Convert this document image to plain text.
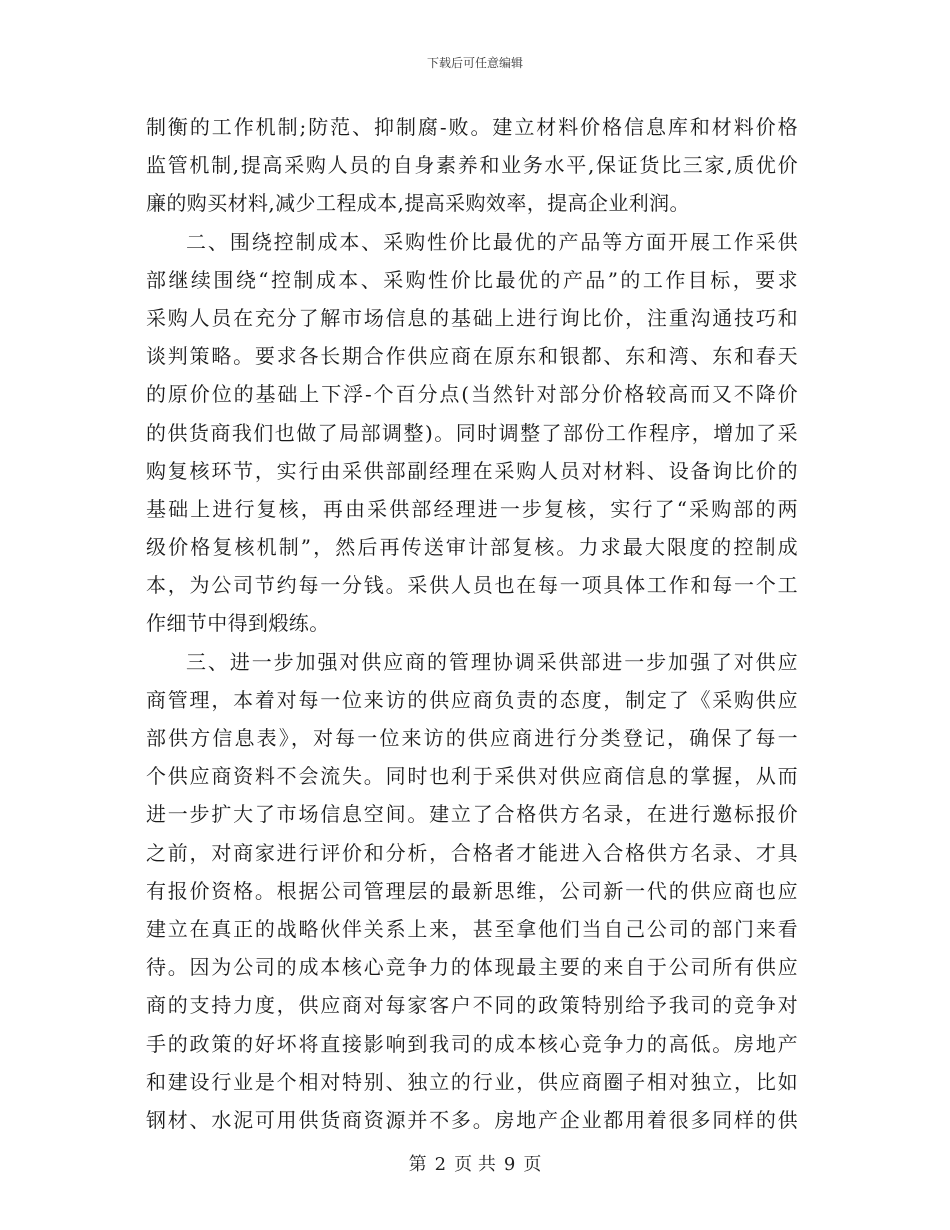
下载后可任意编辑
制衡的工作机制;防范、抑制腐-败。建立材料价格信息库和材料价格
监管机制,提高采购人员的自身素养和业务水平,保证货比三家,质优价
廉的购买材料,减少工程成本,提高采购效率，提高企业利润。
二、围绕控制成本、采购性价比最优的产品等方面开展工作采供
部继续围绕“控制成本、采购性价比最优的产品”的工作目标，要求
采购人员在充分了解市场信息的基础上进行询比价，注重沟通技巧和
谈判策略。要求各长期合作供应商在原东和银都、东和湾、东和春天
的原价位的基础上下浮-个百分点(当然针对部分价格较高而又不降价
的供货商我们也做了局部调整)。同时调整了部份工作程序，增加了采
购复核环节，实行由采供部副经理在采购人员对材料、设备询比价的
基础上进行复核，再由采供部经理进一步复核，实行了“采购部的两
级价格复核机制”，然后再传送审计部复核。力求最大限度的控制成
本，为公司节约每一分钱。采供人员也在每一项具体工作和每一个工
作细节中得到煅练。
三、进一步加强对供应商的管理协调采供部进一步加强了对供应
商管理，本着对每一位来访的供应商负责的态度，制定了《采购供应
部供方信息表》，对每一位来访的供应商进行分类登记，确保了每一
个供应商资料不会流失。同时也利于采供对供应商信息的掌握，从而
进一步扩大了市场信息空间。建立了合格供方名录，在进行邀标报价
之前，对商家进行评价和分析，合格者才能进入合格供方名录、才具
有报价资格。根据公司管理层的最新思维，公司新一代的供应商也应
建立在真正的战略伙伴关系上来，甚至拿他们当自己公司的部门来看
待。因为公司的成本核心竞争力的体现最主要的来自于公司所有供应
商的支持力度，供应商对每家客户不同的政策特别给予我司的竞争对
手的政策的好坏将直接影响到我司的成本核心竞争力的高低。房地产
和建设行业是个相对特别、独立的行业，供应商圈子相对独立，比如
钢材、水泥可用供货商资源并不多。房地产企业都用着很多同样的供
第 2 页 共 9 页
